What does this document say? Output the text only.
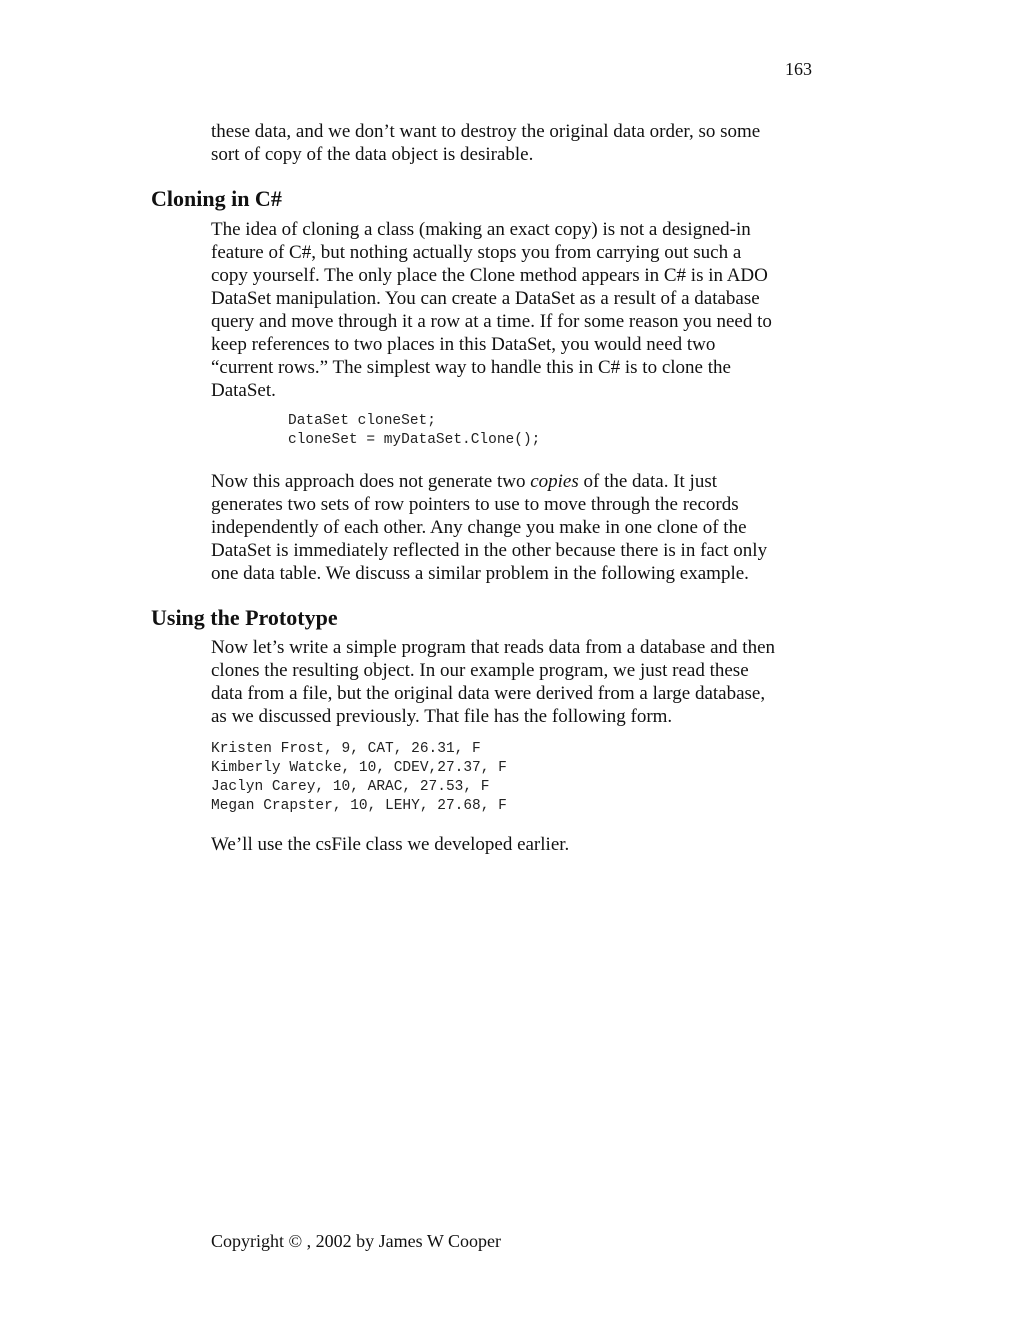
163

these data, and we don’t want to destroy the original data order, so some
sort of copy of the data object is desirable.

Cloning in C#

The idea of cloning a class (making an exact copy) is not a designed-in
feature of C#, but nothing actually stops you from carrying out such a
copy yourself. The only place the Clone method appears in C# is in ADO
DataSet manipulation. You can create a DataSet as a result of a database
query and move through it a row at a time. If for some reason you need to
keep references to two places in this DataSet, you would need two
“current rows.” The simplest way to handle this in C# is to clone the
DataSet.

DataSet cloneSet;
cloneSet = myDataSet.Clone();

Now this approach does not generate two copies of the data. It just
generates two sets of row pointers to use to move through the records
independently of each other. Any change you make in one clone of the
DataSet is immediately reflected in the other because there is in fact only
one data table. We discuss a similar problem in the following example.

Using the Prototype

Now let’s write a simple program that reads data from a database and then
clones the resulting object. In our example program, we just read these
data from a file, but the original data were derived from a large database,
as we discussed previously. That file has the following form.

Kristen Frost, 9, CAT, 26.31, F
Kimberly Watcke, 10, CDEV,27.37, F
Jaclyn Carey, 10, ARAC, 27.53, F
Megan Crapster, 10, LEHY, 27.68, F

We’ll use the csFile class we developed earlier.

Copyright © , 2002 by James W Cooper
